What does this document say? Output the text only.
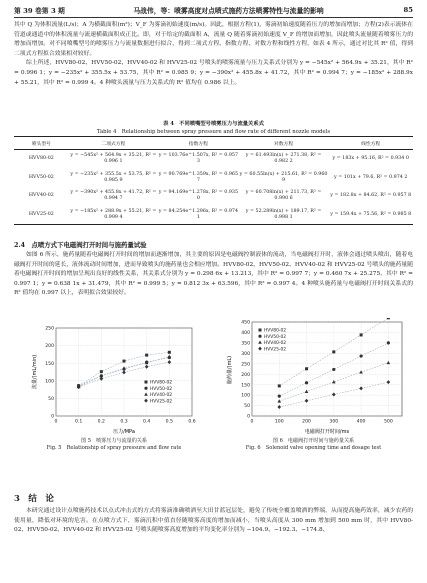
第 39 卷第 3 期	马战伟，等：喷雾高度对点喷式施药方法喷雾特性与流量的影响	85

其中 Q 为体积流量(L/s)；A 为横截面积(m²)；V_F 为雾滴初始速度(m/s)。因此，根据方程(1)，雾滴初始速度随着压力的增加而增加；方程(2)表示流体在管道或通道中的体积流量与流速横截面积成正比。即，对于给定的截面积 A，流量 Q 随着雾滴初始速度 V_F 的增加而增加，因此喷头流量随着喷雾压力的增加而增加。对不同喷嘴型号的喷雾压力与流量数据进行拟合，得到二项式方程、指数方程、对数方程和线性方程，如表 4 所示，通过对比其 R² 值，得到二项式方程拟合效果相对较好。

综上所述，HVV80-02、HVV50-02、HVV40-02 和 HVV25-02 号喷头的喷雾流量与压力关系式分别为 y = −545x² + 564.9x + 35.21，其中 R² = 0.996 1；y = −235x² + 355.5x + 53.75，其中 R² = 0.985 9；y = −390x² + 455.8x + 41.72，其中 R² = 0.994 7；y = −185x² + 288.9x + 55.21，其中 R² = 0.999 4。4 种喷头流量与压力关系式的 R² 值均在 0.986 以上。

表 4　不同喷嘴型号喷雾压力与流量关系式
Table 4　Relationship between spray pressure and flow rate of different nozzle models
喷头型号	二项式方程	指数方程	对数方程	线性方程
HVV80-02	y = −545x² + 564.9x + 35.21, R² = 0.996 1	y = 103.76e^1.507x, R² = 0.957 3	y = 61.493ln(x) + 271.38, R² = 0.982 2	y = 183x + 95.16, R² = 0.934 0
HVV50-02	y = −235x² + 355.5x + 53.75, R² = 0.985 9	y = 90.769e^1.359x, R² = 0.965 7	y = 60.55ln(x) + 215.61, R² = 0.960 9	y = 101x + 79.6, R² = 0.974 2
HVV40-02	y = −390x² + 455.8x + 41.72, R² = 0.994 7	y = 94.169e^1.278x, R² = 0.935 0	y = 60.708ln(x) + 211.73, R² = 0.990 6	y = 182.8x + 84.62, R² = 0.957 8
HVV25-02	y = −185x² + 288.9x + 55.21, R² = 0.999 4	y = 84.254e^1.296x, R² = 0.974 1	y = 52.289ln(x) + 189.17, R² = 0.998 1	y = 159.4x + 75.56, R² = 0.985 8
2.4　点喷方式下电磁阀打开时间与施药量试验

如图 6 所示，施药量随着电磁阀打开时间的增加而逐渐增加，其主要的原因是电磁阀控制液体的流动，当电磁阀打开时，液体会通过喷头喷出，随着电磁阀打开时间的延长，液体流动时间增加，进而导致喷头的施药量也会相应增加。HVV80-02、HVV50-02、HVV40-02 和 HVV25-02 号喷头的施药量随着电磁阀打开时间的增加呈现出良好的线性关系，其关系式分别为 y = 0.298 6x + 13.213，其中 R² = 0.997 7；y = 0.460 7x + 25.275，其中 R² = 0.997 1；y = 0.638 1x + 31.479，其中 R² = 0.999 5；y = 0.812 3x + 63.596，其中 R² = 0.997 4。4 种喷头施药量与电磁阀打开时间关系式的 R² 值均在 0.997 以上，表明拟合效果较好。

0
50
100
150
200
250
0	0.1	0.2	0.3	0.4	0.5	0.6
HVV80-02
HVV50-02
HVV40-02
HVV25-02
流量/(mL/min)
压力/MPa
图 5　喷雾压力与流量的关系
Fig. 5　Relationship of spray pressure and flow rate
0
50
100
150
200
250
300
350
400
450
0	100	200	300	400	500
HVV80-02
HVV50-02
HVV40-02
HVV25-02
施药量/(mL)
电磁阀打开时间/ms
图 6　电磁阀打开时间与施药量关系
Fig. 6　Solenoid valve opening time and dosage test
3　结　论

本研究通过设计点喷施药技术以点式冲击式的方式将雾滴准确喷洒至大田甘蓝冠层处，避免了传统全覆盖喷洒的弊端，从而提高施药效率，减少农药的使用量，降低对环境的危害。在点喷方式下，雾滴沉积中值直径随喷雾高度的增加而减小，当喷头高度从 300 mm 增加到 500 mm 时，其中 HVV80-02、HVV50-02、HVV40-02 和 HVV25-02 号喷头随喷雾高度增加的平均变化率分别为 −104.9、−192.3、−174.8、
